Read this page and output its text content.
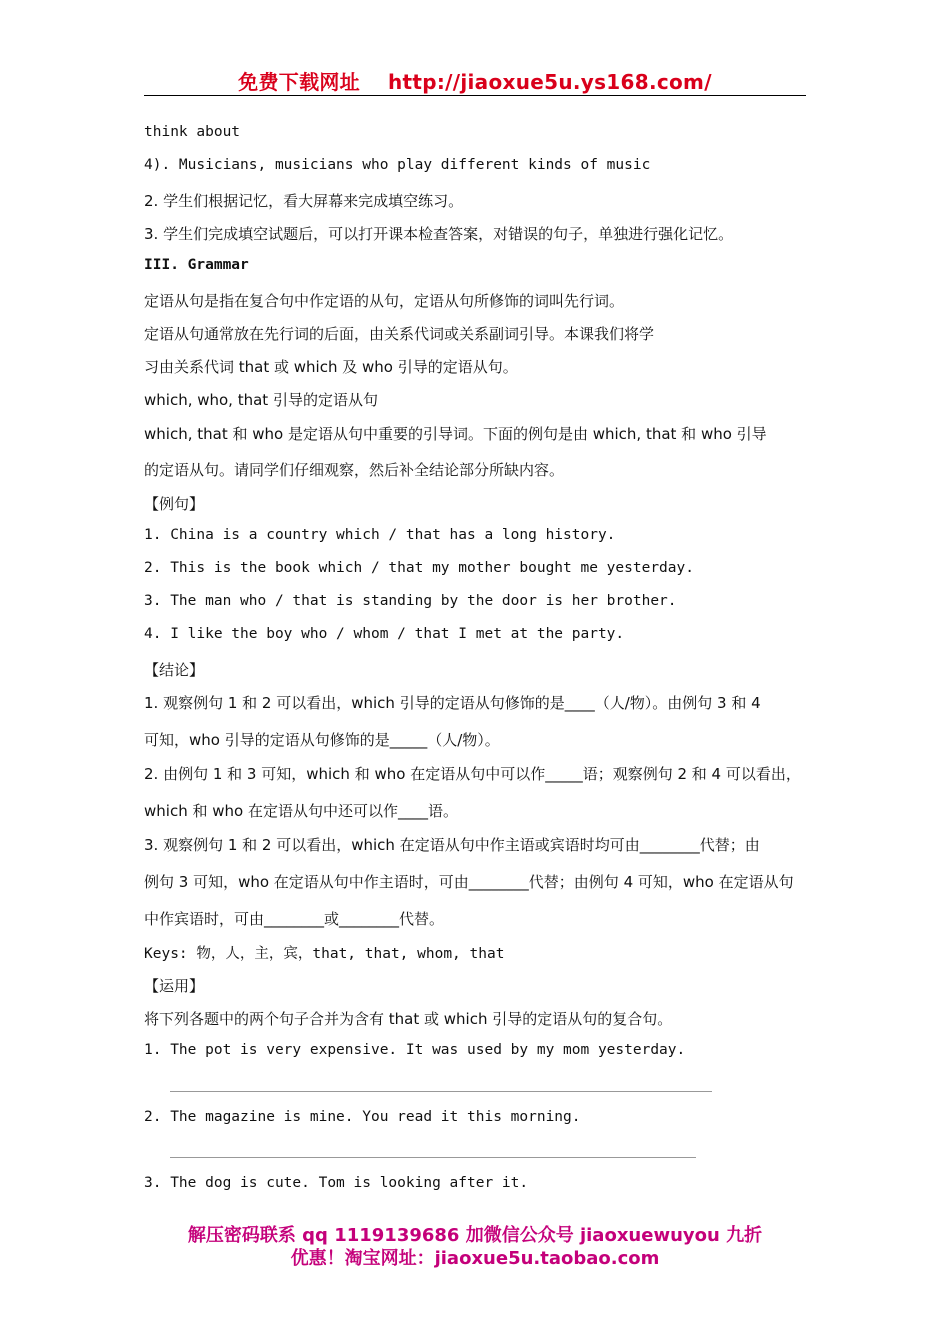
免费下载网址 http://jiaoxue5u.ys168.com/
think about
4). Musicians, musicians who play different kinds of music
2. 学生们根据记忆，看大屏幕来完成填空练习。
3. 学生们完成填空试题后，可以打开课本检查答案，对错误的句子，单独进行强化记忆。
III. Grammar
定语从句是指在复合句中作定语的从句，定语从句所修饰的词叫先行词。
定语从句通常放在先行词的后面，由关系代词或关系副词引导。本课我们将学
习由关系代词 that 或 which 及 who 引导的定语从句。
which, who, that 引导的定语从句
which, that 和 who 是定语从句中重要的引导词。下面的例句是由 which, that 和 who 引导
的定语从句。请同学们仔细观察，然后补全结论部分所缺内容。
【例句】
1. China is a country which / that has a long history.
2. This is the book which / that my mother bought me yesterday.
3. The man who / that is standing by the door is her brother.
4. I like the boy who / whom / that I met at the party.
【结论】
1. 观察例句 1 和 2 可以看出，which 引导的定语从句修饰的是____（人/物）。由例句 3 和 4
可知，who 引导的定语从句修饰的是_____（人/物）。
2. 由例句 1 和 3 可知，which 和 who 在定语从句中可以作_____语；观察例句 2 和 4 可以看出，
which 和 who 在定语从句中还可以作____语。
3. 观察例句 1 和 2 可以看出，which 在定语从句中作主语或宾语时均可由________代替；由
例句 3 可知，who 在定语从句中作主语时，可由________代替；由例句 4 可知，who 在定语从句
中作宾语时，可由________或________代替。
Keys: 物，人，主，宾，that, that, whom, that
【运用】
将下列各题中的两个句子合并为含有 that 或 which 引导的定语从句的复合句。
1. The pot is very expensive. It was used by my mom yesterday.
2. The magazine is mine. You read it this morning.
3. The dog is cute. Tom is looking after it.
解压密码联系 qq 1119139686 加微信公众号 jiaoxuewuyou 九折
优惠！淘宝网址：jiaoxue5u.taobao.com
